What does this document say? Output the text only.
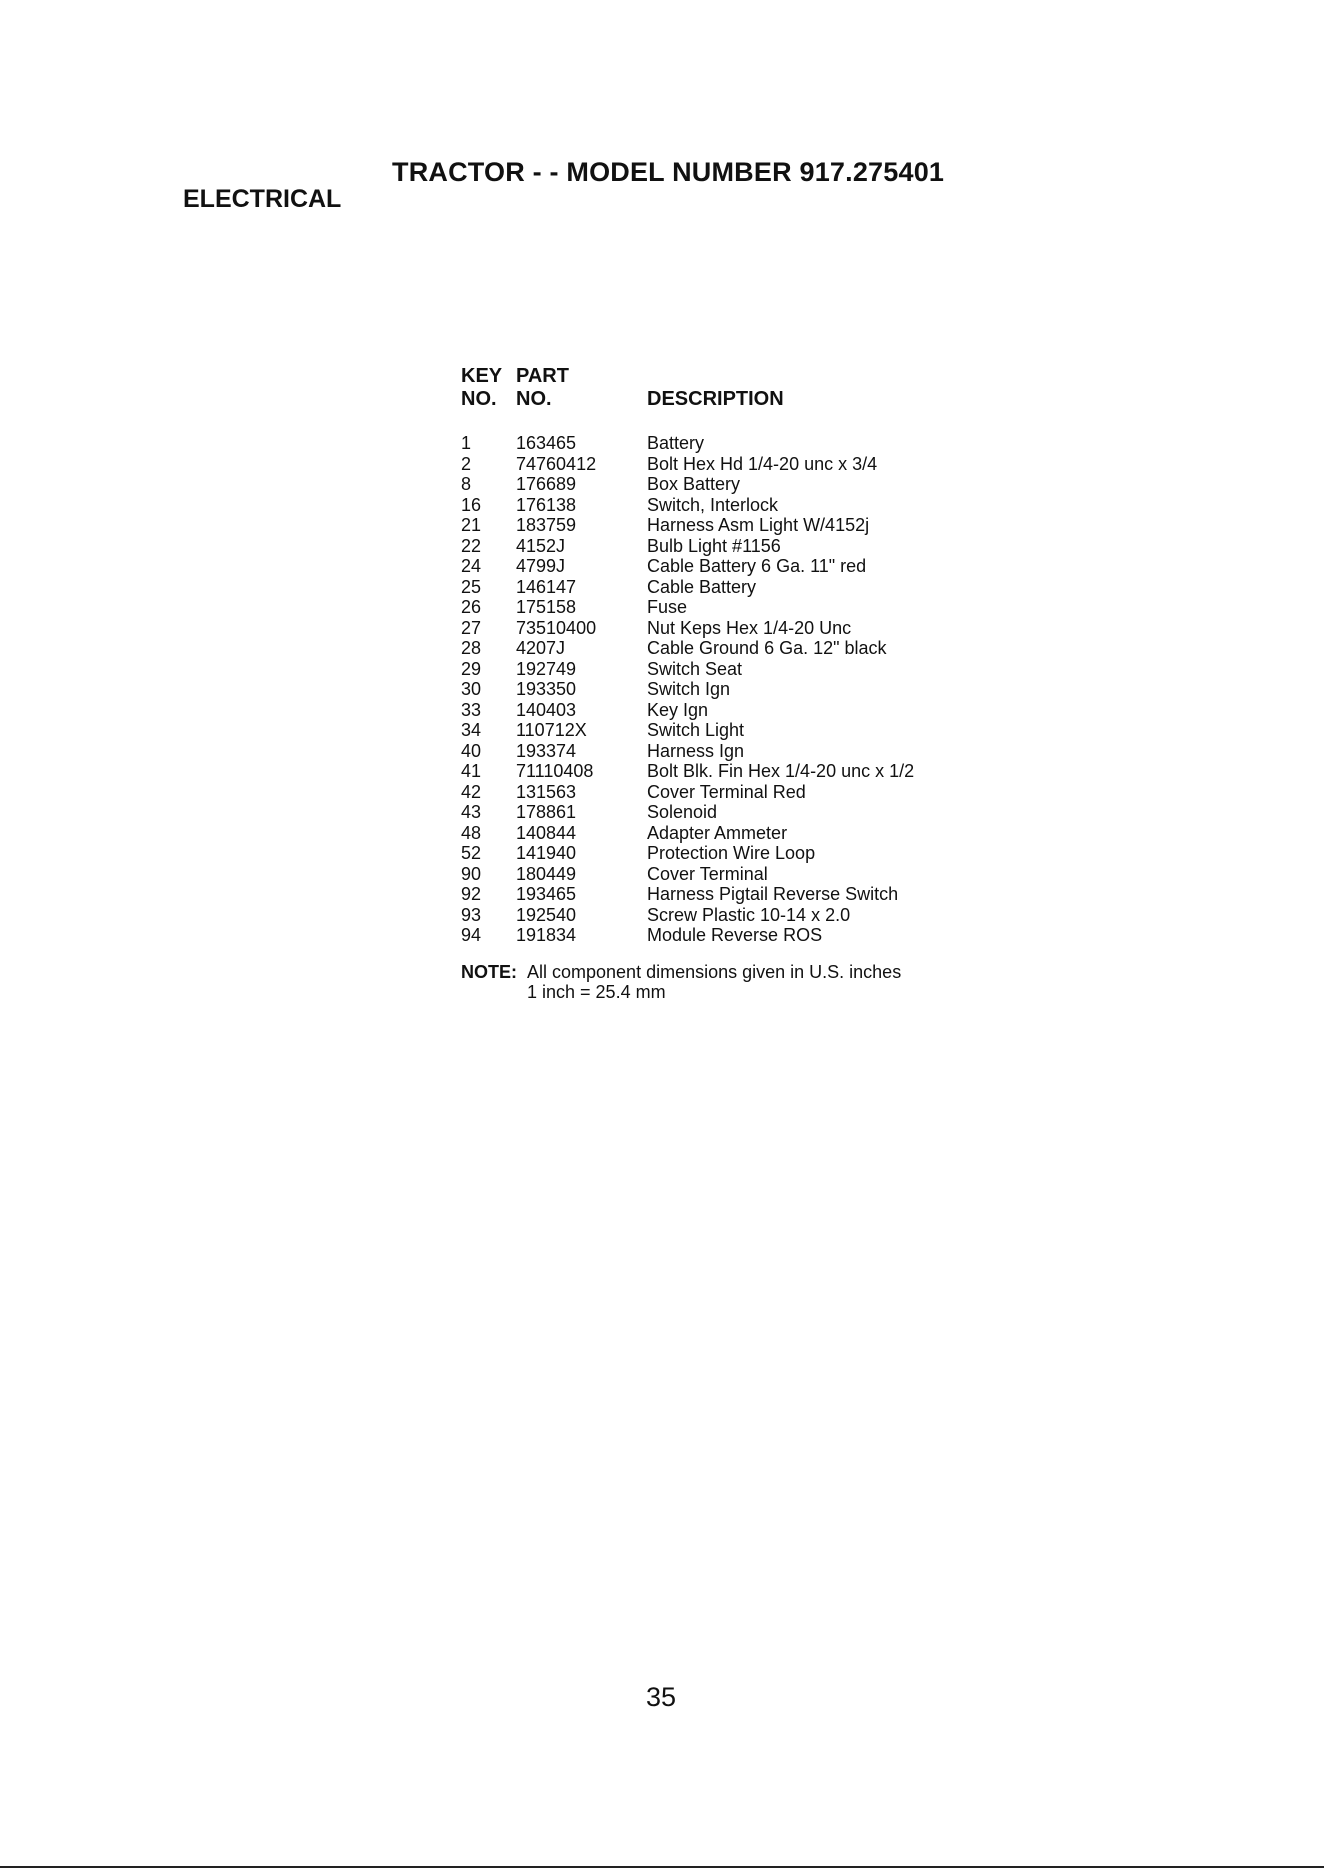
TRACTOR - - MODEL NUMBER 917.275401
ELECTRICAL
KEY PART
NO. NO.	DESCRIPTION
1 163465	Battery
2 74760412	Bolt Hex Hd 1/4-20 unc x 3/4
8 176689	Box Battery
16 176138	Switch, Interlock
21 183759	Harness Asm Light W/4152j
22 4152J	Bulb Light #1156
24 4799J	Cable Battery 6 Ga. 11" red
25 146147	Cable Battery
26 175158	Fuse
27 73510400	Nut Keps Hex 1/4-20 Unc
28 4207J	Cable Ground 6 Ga. 12" black
29 192749	Switch Seat
30 193350	Switch Ign
33 140403	Key Ign
34 110712X	Switch Light
40 193374	Harness Ign
41 71110408	Bolt Blk. Fin Hex 1/4-20 unc x 1/2
42 131563	Cover Terminal Red
43 178861	Solenoid
48 140844	Adapter Ammeter
52 141940	Protection Wire Loop
90 180449	Cover Terminal
92 193465	Harness Pigtail Reverse Switch
93 192540	Screw Plastic 10-14 x 2.0
94 191834	Module Reverse ROS
NOTE: All component dimensions given in U.S. inches
1 inch = 25.4 mm
35
